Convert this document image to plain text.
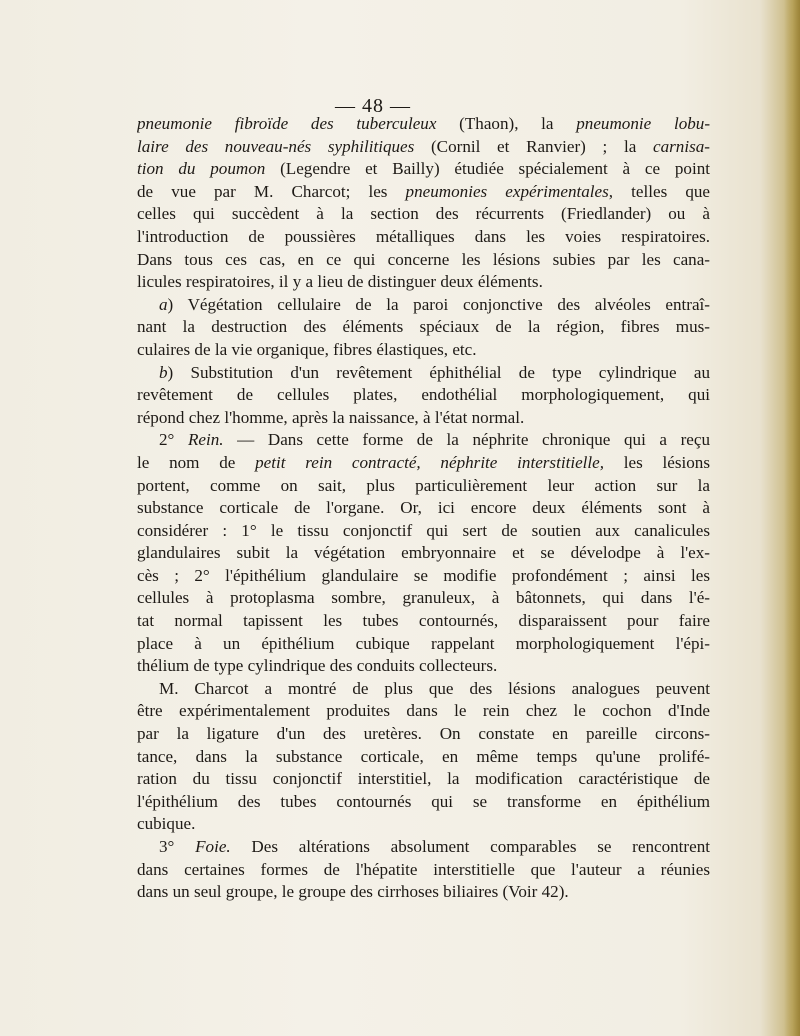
— 48 —
pneumonie fibroïde des tuberculeux (Thaon), la pneumonie lobu-
laire des nouveau-nés syphilitiques (Cornil et Ranvier) ; la carnisa-
tion du poumon (Legendre et Bailly) étudiée spécialement à ce point
de vue par M. Charcot; les pneumonies expérimentales, telles que
celles qui succèdent à la section des récurrents (Friedlander) ou à
l'introduction de poussières métalliques dans les voies respiratoires.
Dans tous ces cas, en ce qui concerne les lésions subies par les cana-
licules respiratoires, il y a lieu de distinguer deux éléments.
a) Végétation cellulaire de la paroi conjonctive des alvéoles entraî-
nant la destruction des éléments spéciaux de la région, fibres mus-
culaires de la vie organique, fibres élastiques, etc.
b) Substitution d'un revêtement éphithélial de type cylindrique au
revêtement de cellules plates, endothélial morphologiquement, qui
répond chez l'homme, après la naissance, à l'état normal.
2° Rein. — Dans cette forme de la néphrite chronique qui a reçu
le nom de petit rein contracté, néphrite interstitielle, les lésions
portent, comme on sait, plus particulièrement leur action sur la
substance corticale de l'organe. Or, ici encore deux éléments sont à
considérer : 1° le tissu conjonctif qui sert de soutien aux canalicules
glandulaires subit la végétation embryonnaire et se dévelodpe à l'ex-
cès ; 2° l'épithélium glandulaire se modifie profondément ; ainsi les
cellules à protoplasma sombre, granuleux, à bâtonnets, qui dans l'é-
tat normal tapissent les tubes contournés, disparaissent pour faire
place à un épithélium cubique rappelant morphologiquement l'épi-
thélium de type cylindrique des conduits collecteurs.
M. Charcot a montré de plus que des lésions analogues peuvent
être expérimentalement produites dans le rein chez le cochon d'Inde
par la ligature d'un des uretères. On constate en pareille circons-
tance, dans la substance corticale, en même temps qu'une prolifé-
ration du tissu conjonctif interstitiel, la modification caractéristique de
l'épithélium des tubes contournés qui se transforme en épithélium
cubique.
3° Foie. Des altérations absolument comparables se rencontrent
dans certaines formes de l'hépatite interstitielle que l'auteur a réunies
dans un seul groupe, le groupe des cirrhoses biliaires (Voir 42).
